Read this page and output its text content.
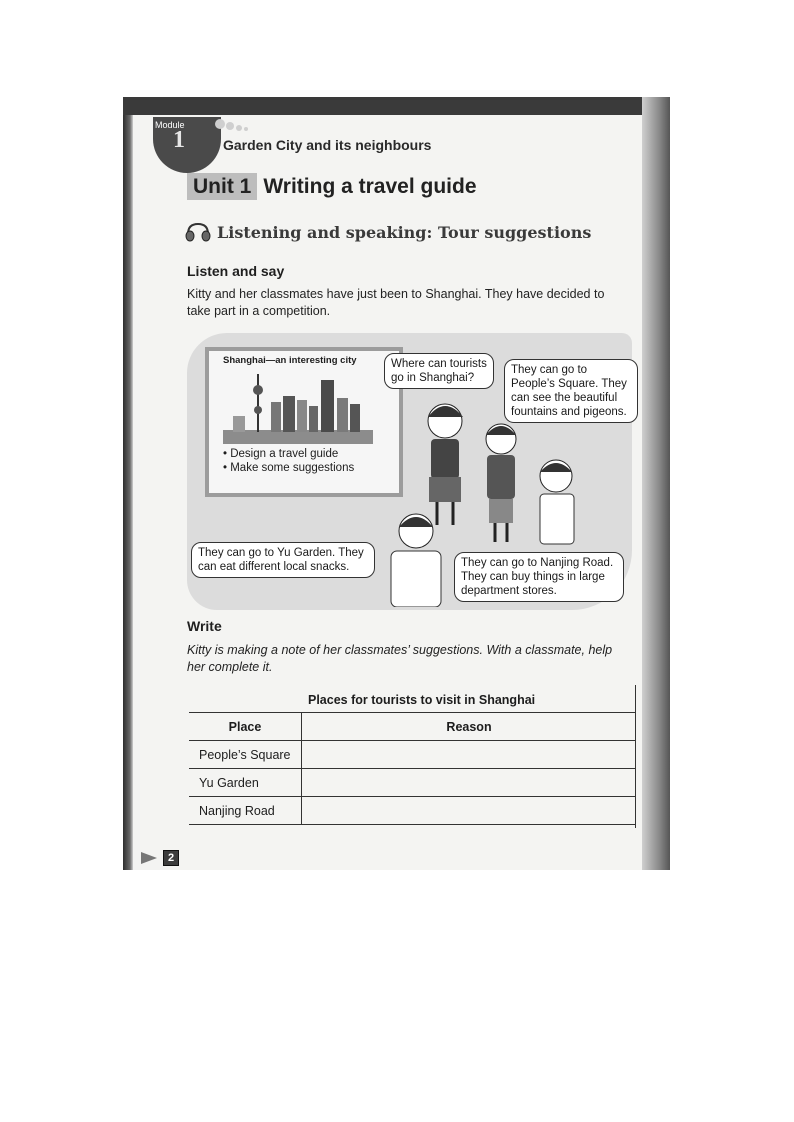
Module
1	Garden City and its neighbours
Unit 1 Writing a travel guide
Listening and speaking: Tour suggestions
Listen and say
Kitty and her classmates have just been to Shanghai. They have decided to take part in a competition.
Shanghai—an interesting city
• Design a travel guide
• Make some suggestions
Where can tourists go in Shanghai?
They can go to People’s Square. They can see the beautiful fountains and pigeons.
They can go to Yu Garden. They can eat different local snacks.	They can go to Nanjing Road. They can buy things in large department stores.
Write
Kitty is making a note of her classmates’ suggestions. With a classmate, help her complete it.
Places for tourists to visit in Shanghai
Place	Reason
People’s Square	
Yu Garden	
Nanjing Road	
2
